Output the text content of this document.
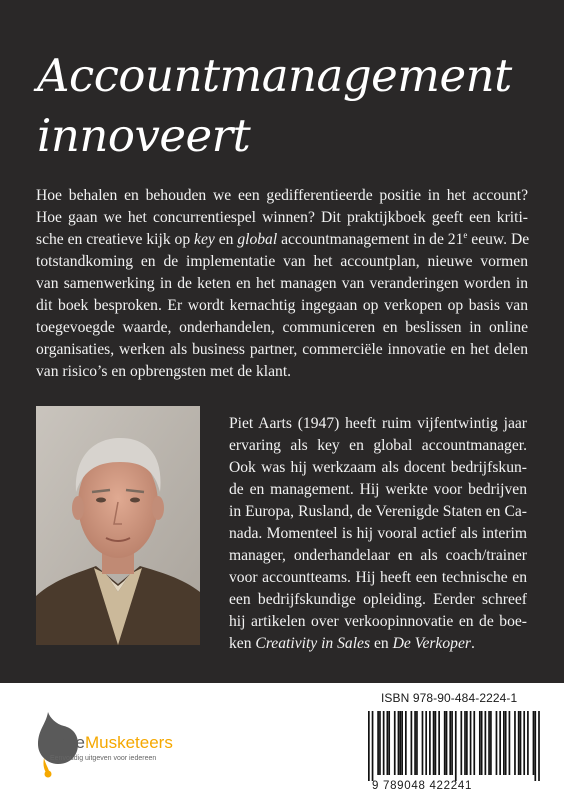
Accountmanagement
innoveert

Hoe behalen en behouden we een gedifferentieerde positie in het account?
Hoe gaan we het concurrentiespel winnen? Dit praktijkboek geeft een kriti-
sche en creatieve kijk op key en global accountmanagement in de 21e eeuw. De
totstandkoming en de implementatie van het accountplan, nieuwe vormen
van samenwerking in de keten en het managen van veranderingen worden in
dit boek besproken. Er wordt kernachtig ingegaan op verkopen op basis van
toegevoegde waarde, onderhandelen, communiceren en beslissen in online
organisaties, werken als business partner, commerciële innovatie en het delen
van risico’s en opbrengsten met de klant.

Piet Aarts (1947) heeft ruim vijfentwintig jaar
ervaring als key en global accountmanager.
Ook was hij werkzaam als docent bedrijfskun-
de en management. Hij werkte voor bedrijven
in Europa, Rusland, de Verenigde Staten en Ca-
nada. Momenteel is hij vooral actief als interim
manager, onderhandelaar en als coach/trainer
voor accountteams. Hij heeft een technische en
een bedrijfskundige opleiding. Eerder schreef
hij artikelen over verkoopinnovatie en de boe-
ken Creativity in Sales en De Verkoper.

FreeMusketeers
Eenvoudig uitgeven voor iedereen
ISBN 978-90-484-2224-1
9 789048 422241
